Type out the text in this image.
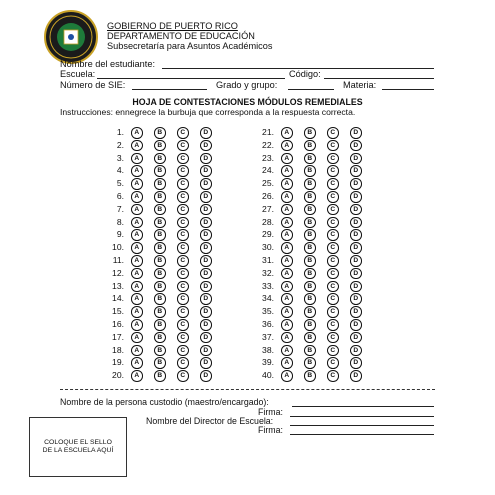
GOBIERNO DE PUERTO RICO
DEPARTAMENTO DE EDUCACIÓN
Subsecretaría para Asuntos Académicos
Nombre del estudiante:
Escuela:	Código:
Número de SIE:	Grado y grupo:	Materia:
HOJA DE CONTESTACIONES MÓDULOS REMEDIALES
Instrucciones: ennegrece la burbuja que corresponda a la respuesta correcta.
1.	A	B	C	D
2.	A	B	C	D
3.	A	B	C	D
4.	A	B	C	D
5.	A	B	C	D
6.	A	B	C	D
7.	A	B	C	D
8.	A	B	C	D
9.	A	B	C	D
10.	A	B	C	D
11.	A	B	C	D
12.	A	B	C	D
13.	A	B	C	D
14.	A	B	C	D
15.	A	B	C	D
16.	A	B	C	D
17.	A	B	C	D
18.	A	B	C	D
19.	A	B	C	D
20.	A	B	C	D
21.	A	B	C	D
22.	A	B	C	D
23.	A	B	C	D
24.	A	B	C	D
25.	A	B	C	D
26.	A	B	C	D
27.	A	B	C	D
28.	A	B	C	D
29.	A	B	C	D
30.	A	B	C	D
31.	A	B	C	D
32.	A	B	C	D
33.	A	B	C	D
34.	A	B	C	D
35.	A	B	C	D
36.	A	B	C	D
37.	A	B	C	D
38.	A	B	C	D
39.	A	B	C	D
40.	A	B	C	D
Nombre de la persona custodio (maestro/encargado):
Firma:
Nombre del Director de Escuela:
Firma:
COLOQUE EL SELLO
DE LA ESCUELA AQUÍ
